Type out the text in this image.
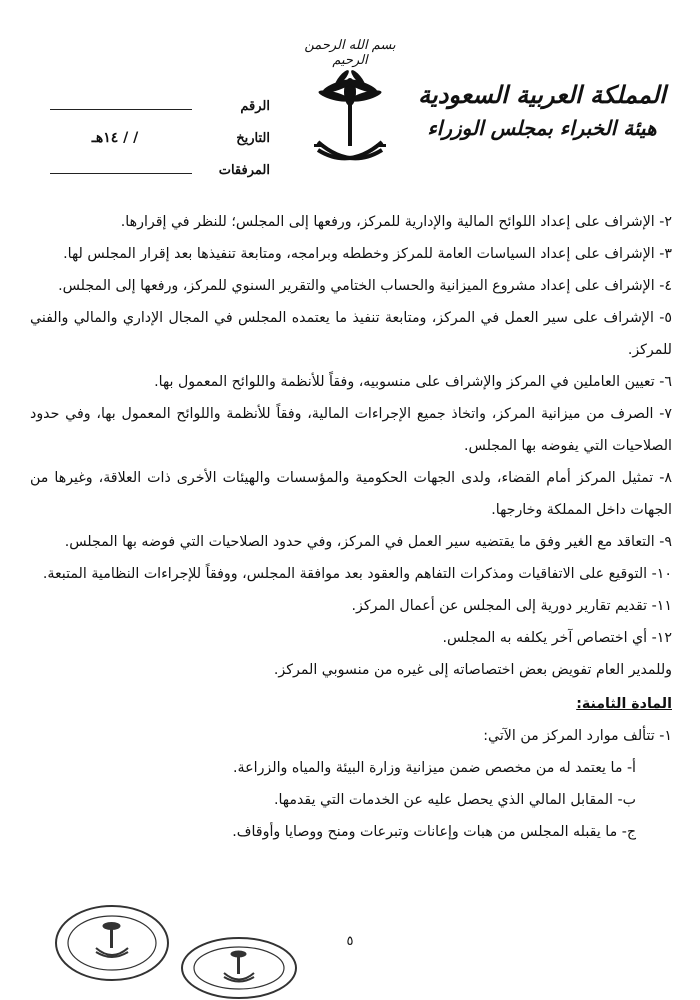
بسم الله الرحمن الرحيم
المملكة العربية السعودية
هيئة الخبراء بمجلس الوزراء
الرقم
التاريخ
/ / ١٤هـ
المرفقات

٢- الإشراف على إعداد اللوائح المالية والإدارية للمركز، ورفعها إلى المجلس؛ للنظر في إقرارها.

٣- الإشراف على إعداد السياسات العامة للمركز وخططه وبرامجه، ومتابعة تنفيذها بعد إقرار المجلس لها.

٤- الإشراف على إعداد مشروع الميزانية والحساب الختامي والتقرير السنوي للمركز، ورفعها إلى المجلس.

٥- الإشراف على سير العمل في المركز، ومتابعة تنفيذ ما يعتمده المجلس في المجال الإداري والمالي والفني للمركز.

٦- تعيين العاملين في المركز والإشراف على منسوبيه، وفقاً للأنظمة واللوائح المعمول بها.

٧- الصرف من ميزانية المركز، واتخاذ جميع الإجراءات المالية، وفقاً للأنظمة واللوائح المعمول بها، وفي حدود الصلاحيات التي يفوضه بها المجلس.

٨- تمثيل المركز أمام القضاء، ولدى الجهات الحكومية والمؤسسات والهيئات الأخرى ذات العلاقة، وغيرها من الجهات داخل المملكة وخارجها.

٩- التعاقد مع الغير وفق ما يقتضيه سير العمل في المركز، وفي حدود الصلاحيات التي فوضه بها المجلس.

١٠- التوقيع على الاتفاقيات ومذكرات التفاهم والعقود بعد موافقة المجلس، ووفقاً للإجراءات النظامية المتبعة.

١١- تقديم تقارير دورية إلى المجلس عن أعمال المركز.

١٢- أي اختصاص آخر يكلفه به المجلس.

وللمدير العام تفويض بعض اختصاصاته إلى غيره من منسوبي المركز.

المادة الثامنة:

١- تتألف موارد المركز من الآتي:

أ- ما يعتمد له من مخصص ضمن ميزانية وزارة البيئة والمياه والزراعة.

ب- المقابل المالي الذي يحصل عليه عن الخدمات التي يقدمها.

ج- ما يقبله المجلس من هبات وإعانات وتبرعات ومنح ووصايا وأوقاف.

٥
